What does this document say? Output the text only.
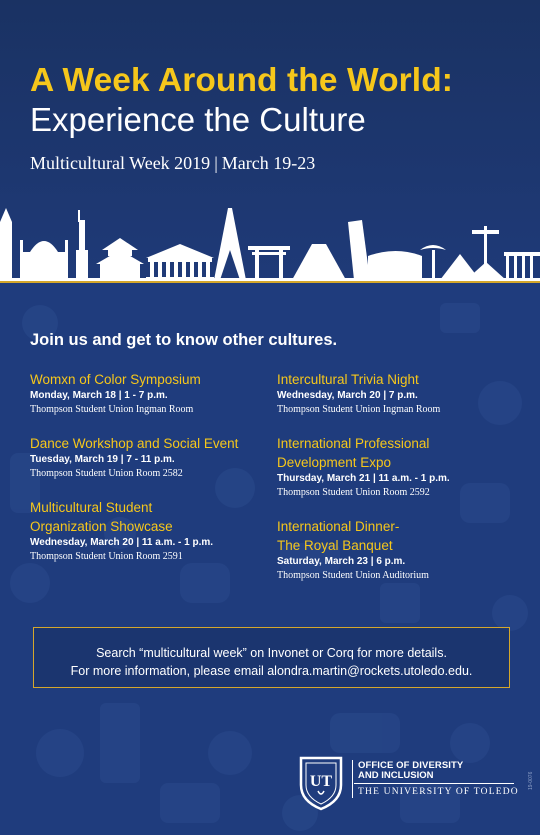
A Week Around the World:
Experience the Culture
Multicultural Week 2019 | March 19-23
Join us and get to know other cultures.
Womxn of Color Symposium
Monday, March 18 | 1 - 7 p.m.
Thompson Student Union Ingman Room
Dance Workshop and Social Event
Tuesday, March 19 | 7 - 11 p.m.
Thompson Student Union Room 2582
Multicultural Student
Organization Showcase
Wednesday, March 20 | 11 a.m. - 1 p.m.
Thompson Student Union Room 2591
Intercultural Trivia Night
Wednesday, March 20 | 7 p.m.
Thompson Student Union Ingman Room
International Professional
Development Expo
Thursday, March 21 | 11 a.m. - 1 p.m.
Thompson Student Union Room 2592
International Dinner-
The Royal Banquet
Saturday, March 23 | 6 p.m.
Thompson Student Union Auditorium
Search “multicultural week” on Invonet or Corq for more details.
For more information, please email alondra.martin@rockets.utoledo.edu.
UT
OFFICE OF DIVERSITY
AND INCLUSION
THE UNIVERSITY OF TOLEDO
19-0076
